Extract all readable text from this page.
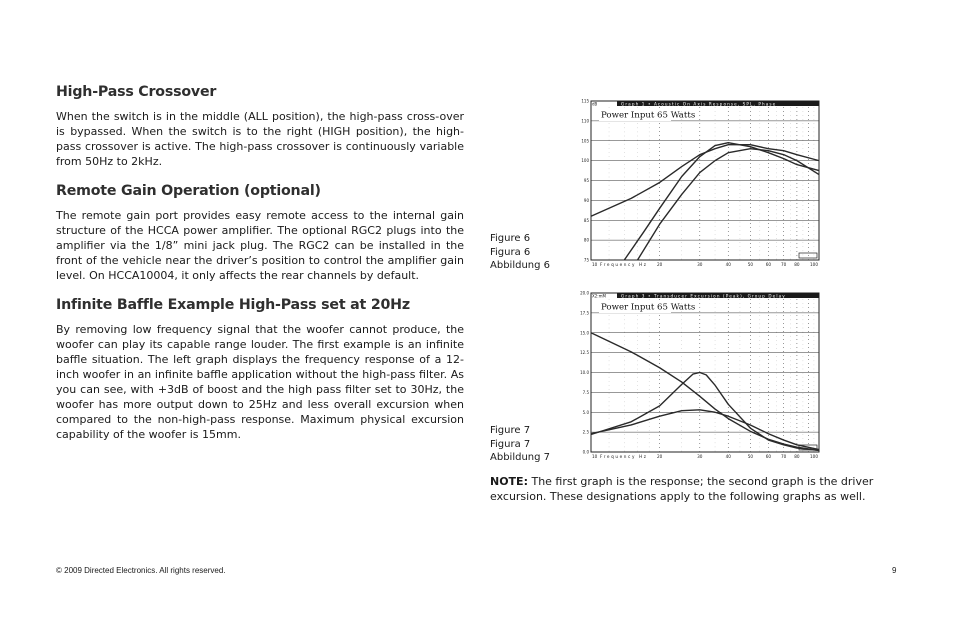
High-Pass Crossover

When the switch is in the middle (ALL position), the high-pass cross-over is bypassed. When the switch is to the right (HIGH position), the high-pass crossover is active. The high-pass crossover is continuously variable from 50Hz to 2kHz.

Remote Gain Operation (optional)

The remote gain port provides easy remote access to the internal gain structure of the HCCA power amplifier. The optional RGC2 plugs into the amplifier via the 1/8” mini jack plug. The RGC2 can be installed in the front of the vehicle near the driver’s position to control the amplifier gain level. On HCCA10004, it only affects the rear channels by default.

Infinite Baffle Example High-Pass set at 20Hz

By removing low frequency signal that the woofer cannot produce, the woofer can play its capable range louder. The first example is an infinite baffle situation. The left graph displays the frequency response of a 12-inch woofer in an infinite baffle application without the high-pass filter. As you can see, with +3dB of boost and the high pass filter set to 30Hz, the woofer has more output down to 25Hz and less overall excursion when compared to the non-high-pass response. Maximum physical excursion capability of the woofer is 15mm.

Figure 6
Figura 6
Abbildung 6
Figure 7
Figura 7
Abbildung 7
Graph 1 • Acoustic On Axis Response, SPL, Phase
dB
115
110
105
100
95
90
85
80
75
10	20	30	40	50	60 70 80 100
Frequency Hz
Power Input 65 Watts
Graph 3 • Transducer Excursion (Peak), Group Delay
X2:mM
20.0
17.5
15.0
12.5
10.0
7.5
5.0
2.5
0.0
10	20	30	40	50	60 70 80 100
Frequency Hz
Power Input 65 Watts
NOTE: The first graph is the response; the second graph is the driver excursion. These designations apply to the following graphs as well.
© 2009 Directed Electronics. All rights reserved.	9
